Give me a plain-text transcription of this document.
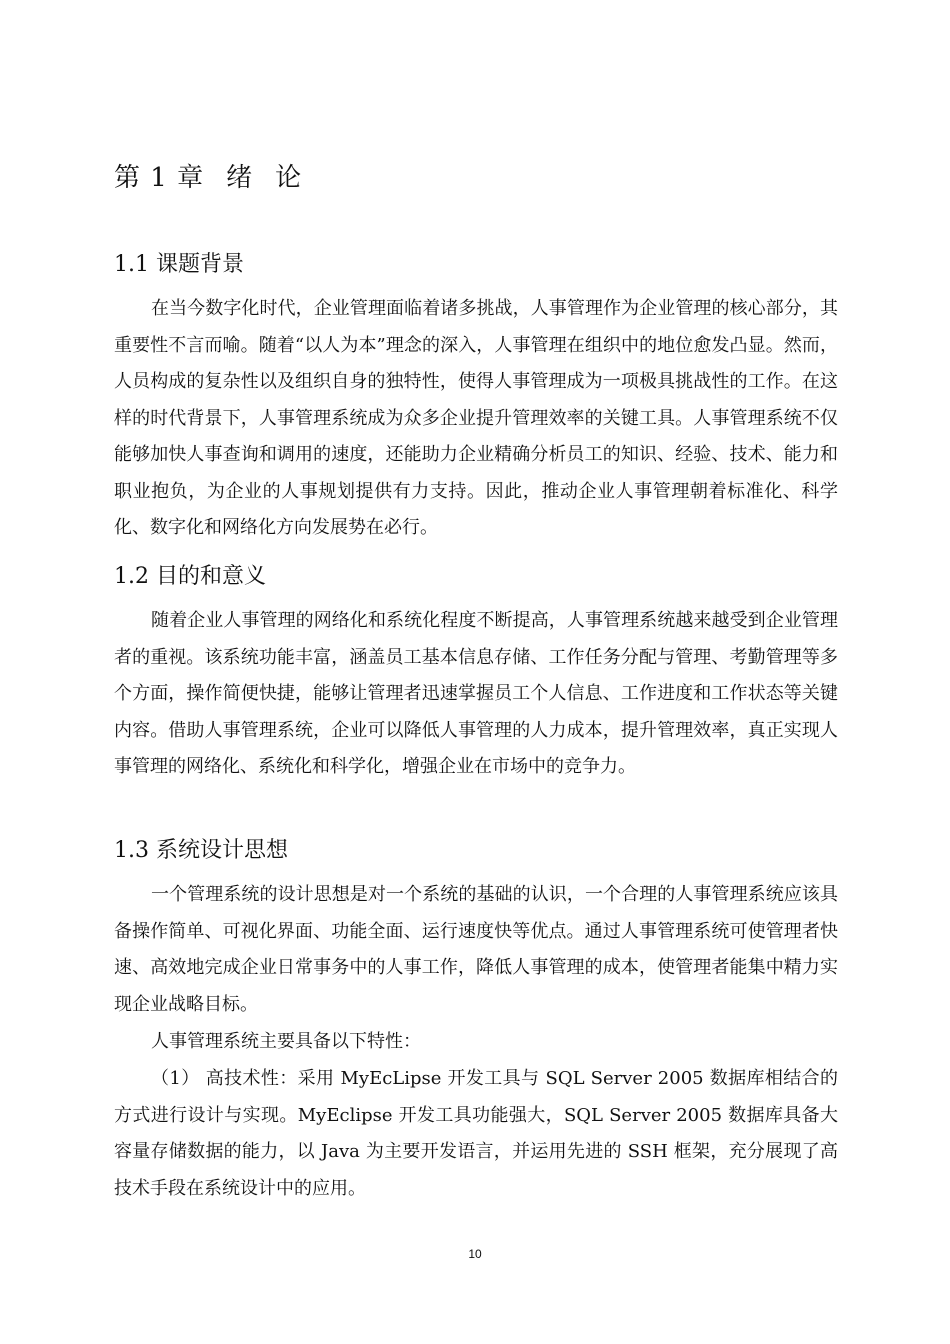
第 1 章 绪 论
1.1 课题背景

在当今数字化时代，企业管理面临着诸多挑战，人事管理作为企业管理的核心部分，其重要性不言而喻。随着“以人为本”理念的深入，人事管理在组织中的地位愈发凸显。然而，人员构成的复杂性以及组织自身的独特性，使得人事管理成为一项极具挑战性的工作。在这样的时代背景下，人事管理系统成为众多企业提升管理效率的关键工具。人事管理系统不仅能够加快人事查询和调用的速度，还能助力企业精确分析员工的知识、经验、技术、能力和职业抱负，为企业的人事规划提供有力支持。因此，推动企业人事管理朝着标准化、科学化、数字化和网络化方向发展势在必行。

1.2 目的和意义

随着企业人事管理的网络化和系统化程度不断提高，人事管理系统越来越受到企业管理者的重视。该系统功能丰富，涵盖员工基本信息存储、工作任务分配与管理、考勤管理等多个方面，操作简便快捷，能够让管理者迅速掌握员工个人信息、工作进度和工作状态等关键内容。借助人事管理系统，企业可以降低人事管理的人力成本，提升管理效率，真正实现人事管理的网络化、系统化和科学化，增强企业在市场中的竞争力。

1.3 系统设计思想

一个管理系统的设计思想是对一个系统的基础的认识，一个合理的人事管理系统应该具备操作简单、可视化界面、功能全面、运行速度快等优点。通过人事管理系统可使管理者快速、高效地完成企业日常事务中的人事工作，降低人事管理的成本，使管理者能集中精力实现企业战略目标。

人事管理系统主要具备以下特性：

（1） 高技术性：采用 MyEcLipse 开发工具与 SQL Server 2005 数据库相结合的方式进行设计与实现。MyEclipse 开发工具功能强大，SQL Server 2005 数据库具备大容量存储数据的能力，以 Java 为主要开发语言，并运用先进的 SSH 框架，充分展现了高技术手段在系统设计中的应用。

10
